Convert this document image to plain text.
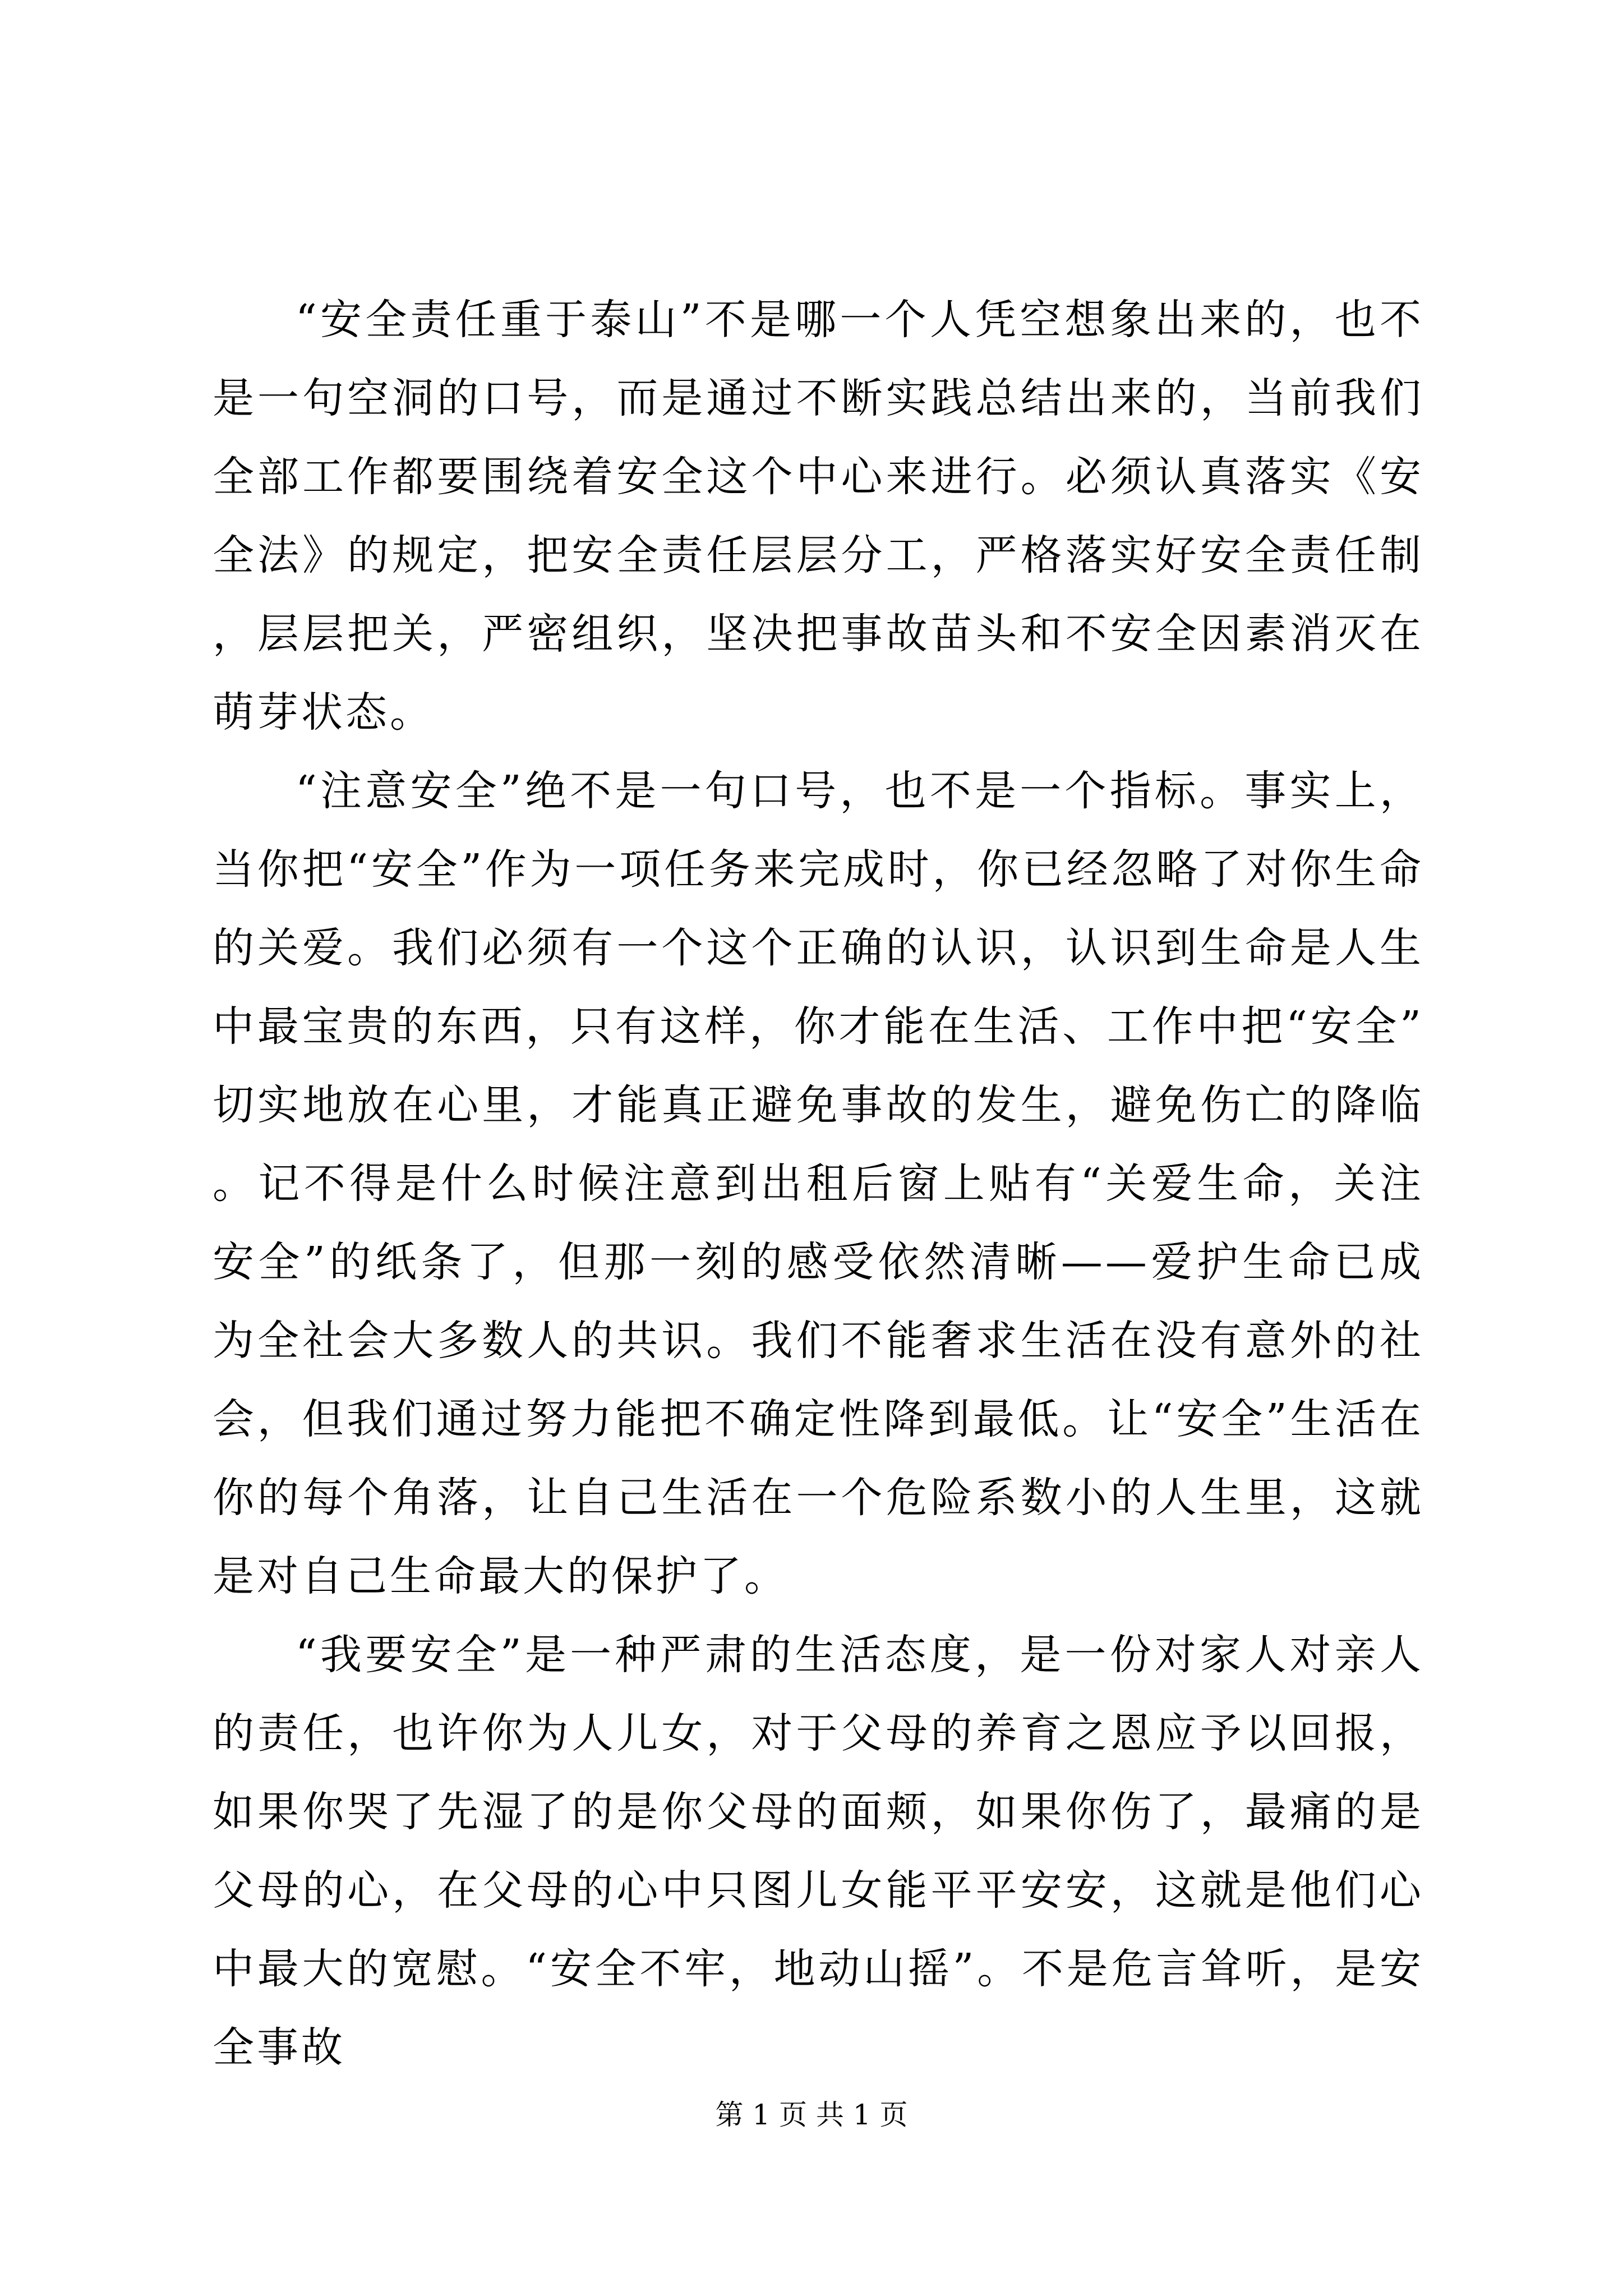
“安全责任重于泰山”不是哪一个人凭空想象出来的，也不是一句空洞的口号，而是通过不断实践总结出来的，当前我们全部工作都要围绕着安全这个中心来进行。必须认真落实《安全法》的规定，把安全责任层层分工，严格落实好安全责任制，层层把关，严密组织，坚决把事故苗头和不安全因素消灭在萌芽状态。

“注意安全”绝不是一句口号，也不是一个指标。事实上，当你把“安全”作为一项任务来完成时，你已经忽略了对你生命的关爱。我们必须有一个这个正确的认识，认识到生命是人生中最宝贵的东西，只有这样，你才能在生活、工作中把“安全”切实地放在心里，才能真正避免事故的发生，避免伤亡的降临。记不得是什么时候注意到出租后窗上贴有“关爱生命，关注安全”的纸条了，但那一刻的感受依然清晰——爱护生命已成为全社会大多数人的共识。我们不能奢求生活在没有意外的社会，但我们通过努力能把不确定性降到最低。让“安全”生活在你的每个角落，让自己生活在一个危险系数小的人生里，这就是对自己生命最大的保护了。

“我要安全”是一种严肃的生活态度，是一份对家人对亲人的责任，也许你为人儿女，对于父母的养育之恩应予以回报，如果你哭了先湿了的是你父母的面颊，如果你伤了，最痛的是父母的心，在父母的心中只图儿女能平平安安，这就是他们心中最大的宽慰。“安全不牢，地动山摇”。不是危言耸听，是安全事故

第 1 页 共 1 页
